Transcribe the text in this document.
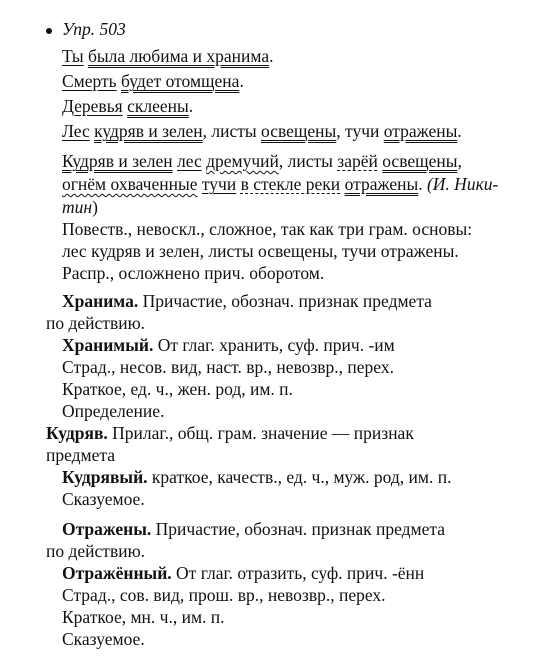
Упр. 503
Ты была любима и хранима.
Смерть будет отомщена.
Деревья склеены.
Лес кудряв и зелен, листы освещены, тучи отражены.
Кудряв и зелен лес дремучий, листы зарёй освещены,
огнём охваченные тучи в стекле реки отражены. (И. Ники-
тин)
Повеств., невоскл., сложное, так как три грам. основы:
лес кудряв и зелен, листы освещены, тучи отражены.
Распр., осложнено прич. оборотом.
Хранима. Причастие, обознач. признак предмета
по действию.
Хранимый. От глаг. хранить, суф. прич. -им
Страд., несов. вид, наст. вр., невозвр., перех.
Краткое, ед. ч., жен. род, им. п.
Определение.
Кудряв. Прилаг., общ. грам. значение — признак
предмета
Кудрявый. краткое, качеств., ед. ч., муж. род, им. п.
Сказуемое.
Отражены. Причастие, обознач. признак предмета
по действию.
Отражённый. От глаг. отразить, суф. прич. -ённ
Страд., сов. вид, прош. вр., невозвр., перех.
Краткое, мн. ч., им. п.
Сказуемое.
